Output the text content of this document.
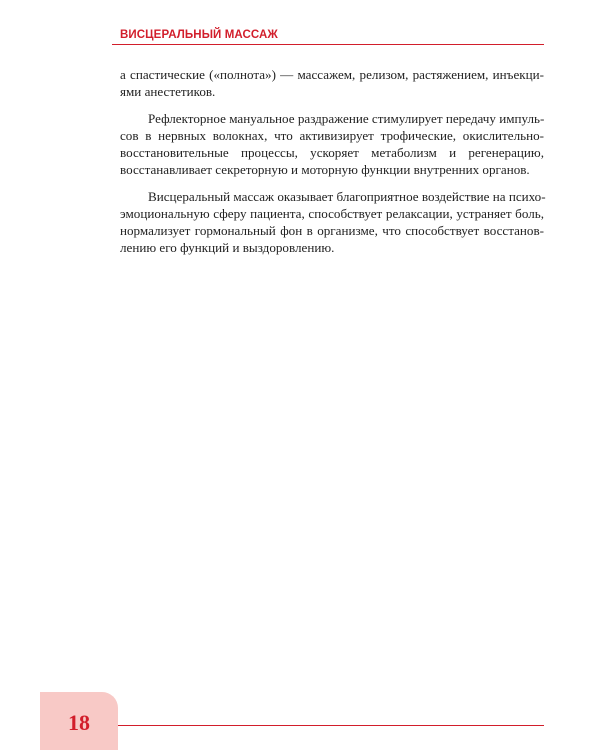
ВИСЦЕРАЛЬНЫЙ МАССАЖ
а спастические («полнота») — массажем, релизом, растяжением, инъекци-
ями анестетиков.
Рефлекторное мануальное раздражение стимулирует передачу импуль-
сов в нервных волокнах, что активизирует трофические, окислительно-
восстановительные процессы, ускоряет метаболизм и регенерацию,
восстанавливает секреторную и моторную функции внутренних органов.
Висцеральный массаж оказывает благоприятное воздействие на психо-
эмоциональную сферу пациента, способствует релаксации, устраняет боль,
нормализует гормональный фон в организме, что способствует восстанов-
лению его функций и выздоровлению.
18
